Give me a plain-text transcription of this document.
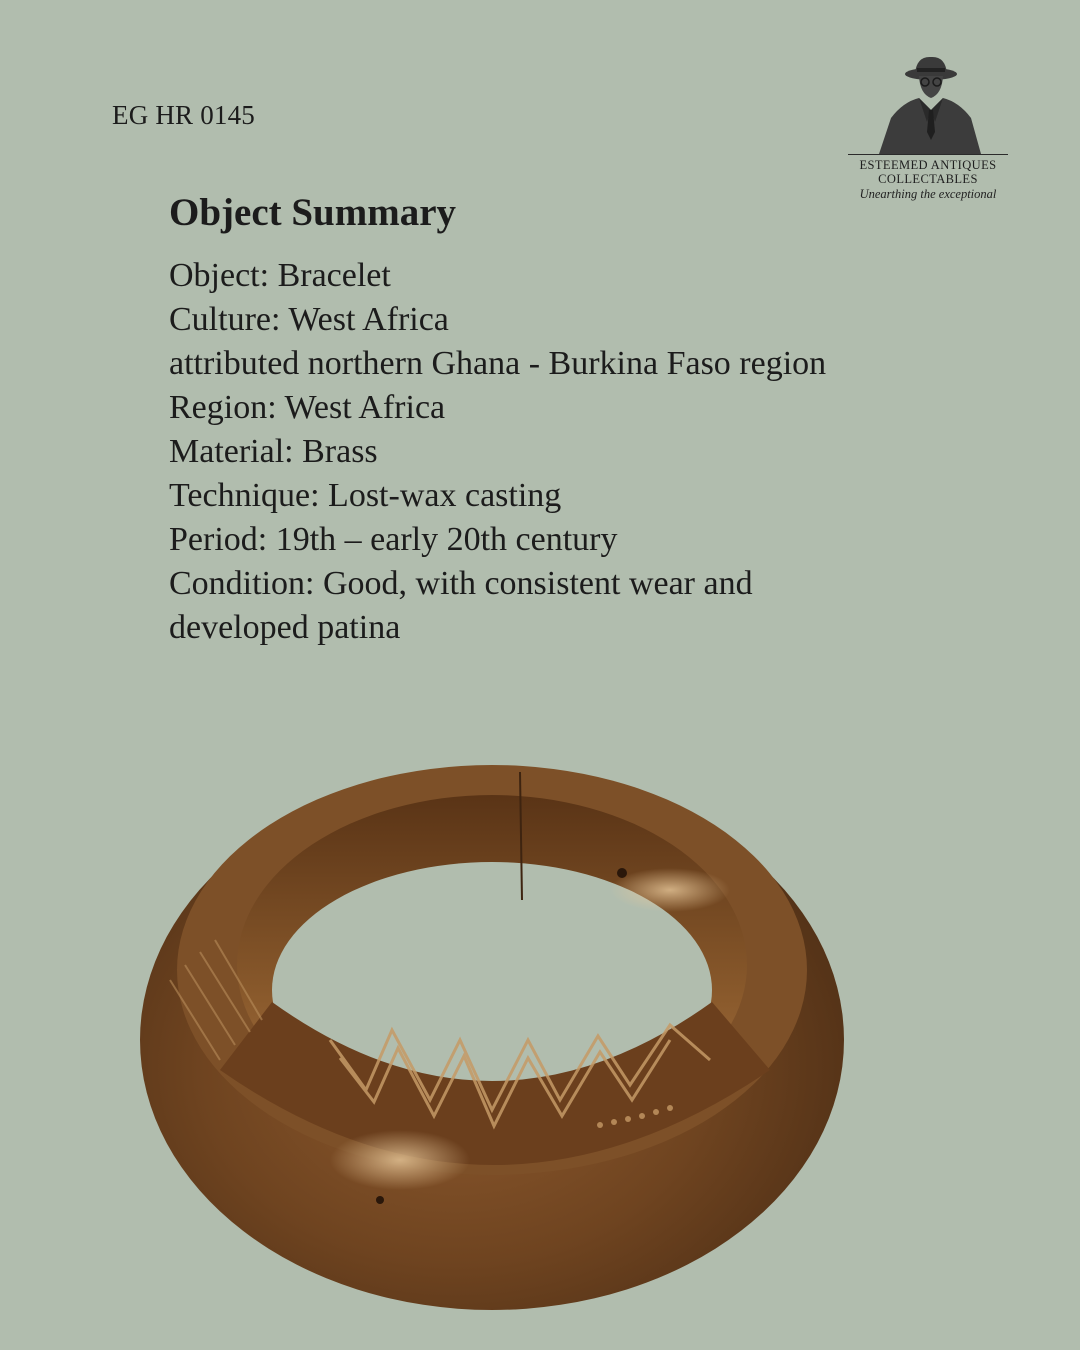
EG HR 0145
ESTEEMED ANTIQUES
COLLECTABLES
Unearthing the exceptional
Object Summary
Object: Bracelet
Culture: West Africa
attributed northern Ghana - Burkina Faso region
Region: West Africa
Material: Brass
Technique: Lost-wax casting
Period: 19th – early 20th century
Condition: Good, with consistent wear and
developed patina
